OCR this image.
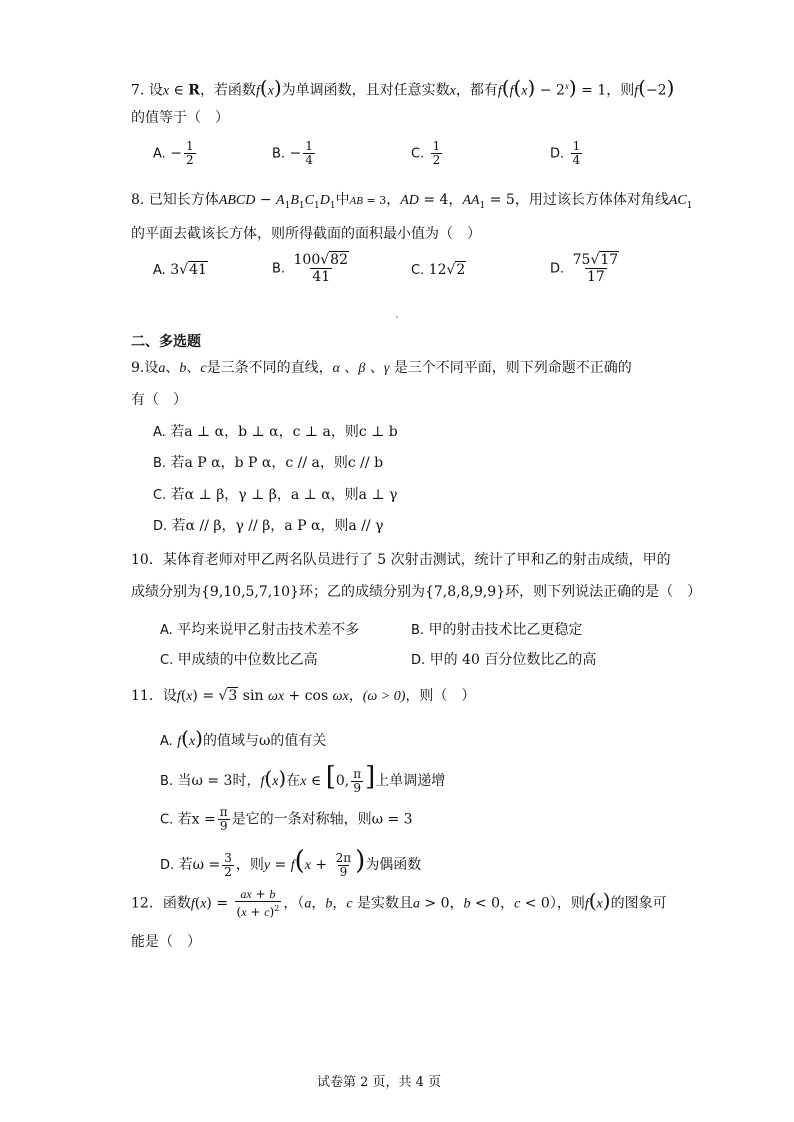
7. 设x ∈ R，若函数f(x)为单调函数，且对任意实数x，都有$f(f(x) - 2^x) = 1$，则f(−2)
的值等于（　）
A. − $\frac{1}{2}$	B. − $\frac{1}{4}$	C. $\frac{1}{2}$	D. $\frac{1}{4}$
8. 已知长方体ABCD − $A_1B_1C_1D_1$中AB = 3，AD = 4，$AA_1 = 5$，用过该长方体体对角线$AC_1$
的平面去截该长方体，则所得截面的面积最小值为（　）
A. 3√41	B. $\frac{100√82}{41}$	C. 12√2	D. $\frac{75√17}{17}$
二、多选题
9.设a、b、c是三条不同的直线，α 、β 、γ 是三个不同平面，则下列命题不正确的
有（　）
A. 若a ⊥ α，b ⊥ α，c ⊥ a，则c ⊥ b
B. 若a P α，b P α，c // a，则c // b
C. 若α ⊥ β，γ ⊥ β，a ⊥ α，则a ⊥ γ
D. 若α // β，γ // β，a P α，则a // γ
10．某体育老师对甲乙两名队员进行了 5 次射击测试，统计了甲和乙的射击成绩，甲的
成绩分别为{9,10,5,7,10}环；乙的成绩分别为{7,8,8,9,9}环，则下列说法正确的是（　）
A. 平均来说甲乙射击技术差不多	B. 甲的射击技术比乙更稳定
C. 甲成绩的中位数比乙高	D. 甲的 40 百分位数比乙的高
11．设f(x) = √3 sin ωx + cos ωx，(ω > 0)，则（　）
A. f(x)的值域与ω的值有关
B. 当ω = 3时，f(x)在x ∈ [0, $\frac{\pi}{9}$ ]上单调递增
C. 若$x = \frac{\pi}{9}$ 是它的一条对称轴，则ω = 3
D. 若$\omega = \frac{3}{2}$ ，则$y = f(x + \frac{2\pi}{9}$ )为偶函数
12．函数$f(x) = \frac{ax + b}{(x + c)^2}$ ，（a，b，c 是实数且a > 0，b < 0，c < 0），则f(x)的图象可
能是（　）
试卷第 2 页，共 4 页
